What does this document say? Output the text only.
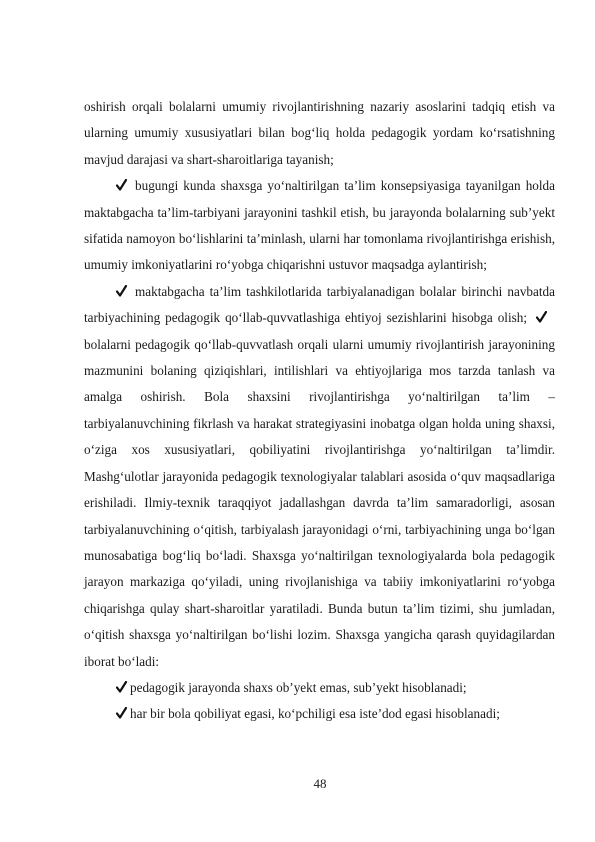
oshirish orqali bolalarni umumiy rivojlantirishning nazariy asoslarini tadqiq etish va ularning umumiy xususiyatlari bilan bog‘liq holda pedagogik yordam ko‘rsatishning mavjud darajasi va shart-sharoitlariga tayanish;

bugungi kunda shaxsga yo‘naltirilgan ta’lim konsepsiyasiga tayanilgan holda maktabgacha ta’lim-tarbiyani jarayonini tashkil etish, bu jarayonda bolalarning sub’yekt sifatida namoyon bo‘lishlarini ta’minlash, ularni har tomonlama rivojlantirishga erishish, umumiy imkoniyatlarini ro‘yobga chiqarishni ustuvor maqsadga aylantirish;

maktabgacha ta’lim tashkilotlarida tarbiyalanadigan bolalar birinchi navbatda tarbiyachining pedagogik qo‘llab-quvvatlashiga ehtiyoj sezishlarini hisobga olish;
bolalarni pedagogik qo‘llab-quvvatlash orqali ularni umumiy rivojlantirish jarayonining mazmunini bolaning qiziqishlari, intilishlari va ehtiyojlariga mos tarzda tanlash va amalga oshirish. Bola shaxsini rivojlantirishga yo‘naltirilgan ta’lim – tarbiyalanuvchining fikrlash va harakat strategiyasini inobatga olgan holda uning shaxsi, o‘ziga xos xususiyatlari, qobiliyatini rivojlantirishga yo‘naltirilgan ta’limdir. Mashg‘ulotlar jarayonida pedagogik texnologiyalar talablari asosida o‘quv maqsadlariga erishiladi. Ilmiy-texnik taraqqiyot jadallashgan davrda ta’lim samaradorligi, asosan tarbiyalanuvchining o‘qitish, tarbiyalash jarayonidagi o‘rni, tarbiyachining unga bo‘lgan munosabatiga bog‘liq bo‘ladi. Shaxsga yo‘naltirilgan texnologiyalarda bola pedagogik jarayon markaziga qo‘yiladi, uning rivojlanishiga va tabiiy imkoniyatlarini ro‘yobga chiqarishga qulay shart-sharoitlar yaratiladi. Bunda butun ta’lim tizimi, shu jumladan, o‘qitish shaxsga yo‘naltirilgan bo‘lishi lozim. Shaxsga yangicha qarash quyidagilardan iborat bo‘ladi:

pedagogik jarayonda shaxs ob’yekt emas, sub’yekt hisoblanadi;

har bir bola qobiliyat egasi, ko‘pchiligi esa iste’dod egasi hisoblanadi;

48
